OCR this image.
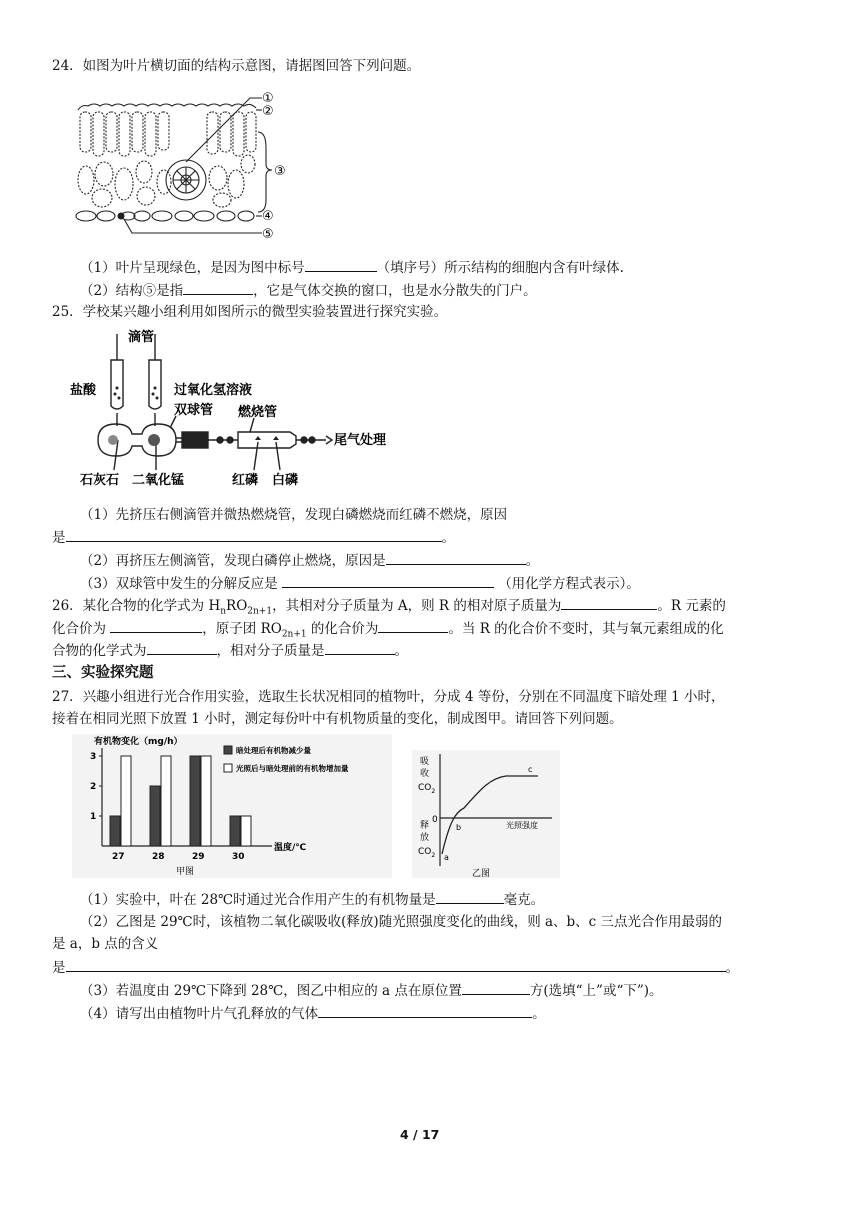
24．如图为叶片横切面的结构示意图，请据图回答下列问题。
①
②
③
④
⑤
（1）叶片呈现绿色，是因为图中标号	（填序号）所示结构的细胞内含有叶绿体.
（2）结构⑤是指	，它是气体交换的窗口，也是水分散失的门户。
25．学校某兴趣小组利用如图所示的微型实验装置进行探究实验。
滴管
盐酸	过氧化氢溶液
双球管 燃烧管
尾气处理
石灰石 二氧化锰	红磷 白磷
（1）先挤压右侧滴管并微热燃烧管，发现白磷燃烧而红磷不燃烧，原因
是	。
（2）再挤压左侧滴管，发现白磷停止燃烧，原因是	。
（3）双球管中发生的分解反应是	（用化学方程式表示）。
26．某化合物的化学式为 $H_nRO_{2n+1}$，其相对分子质量为 A，则 R 的相对原子质量为	。R 元素的
化合价为	，原子团 $RO_{2n+1}$ 的化合价为	。当 R 的化合价不变时，其与氧元素组成的化
合物的化学式为	，相对分子质量是	。
三、实验探究题
27．兴趣小组进行光合作用实验，选取生长状况相同的植物叶，分成 4 等份，分别在不同温度下暗处理 1 小时，
接着在相同光照下放置 1 小时，测定每份叶中有机物质量的变化，制成图甲。请回答下列问题。
有机物变化（mg/h）
温度/℃
甲图
暗处理后有机物减少量
光照后与暗处理前的有机物增加量
1
2
3
27	28	29	30
0
吸收 $CO_2$
释放 $CO_2$
光照强度
a
b
c
乙图
（1）实验中，叶在 28℃时通过光合作用产生的有机物量是	毫克。
（2）乙图是 29℃时，该植物二氧化碳吸收(释放)随光照强度变化的曲线，则 a、b、c 三点光合作用最弱的
是 a，b 点的含义
是	。
（3）若温度由 29℃下降到 28℃，图乙中相应的 a 点在原位置	方(选填“上”或“下”)。
（4）请写出由植物叶片气孔释放的气体	。
4 / 17
